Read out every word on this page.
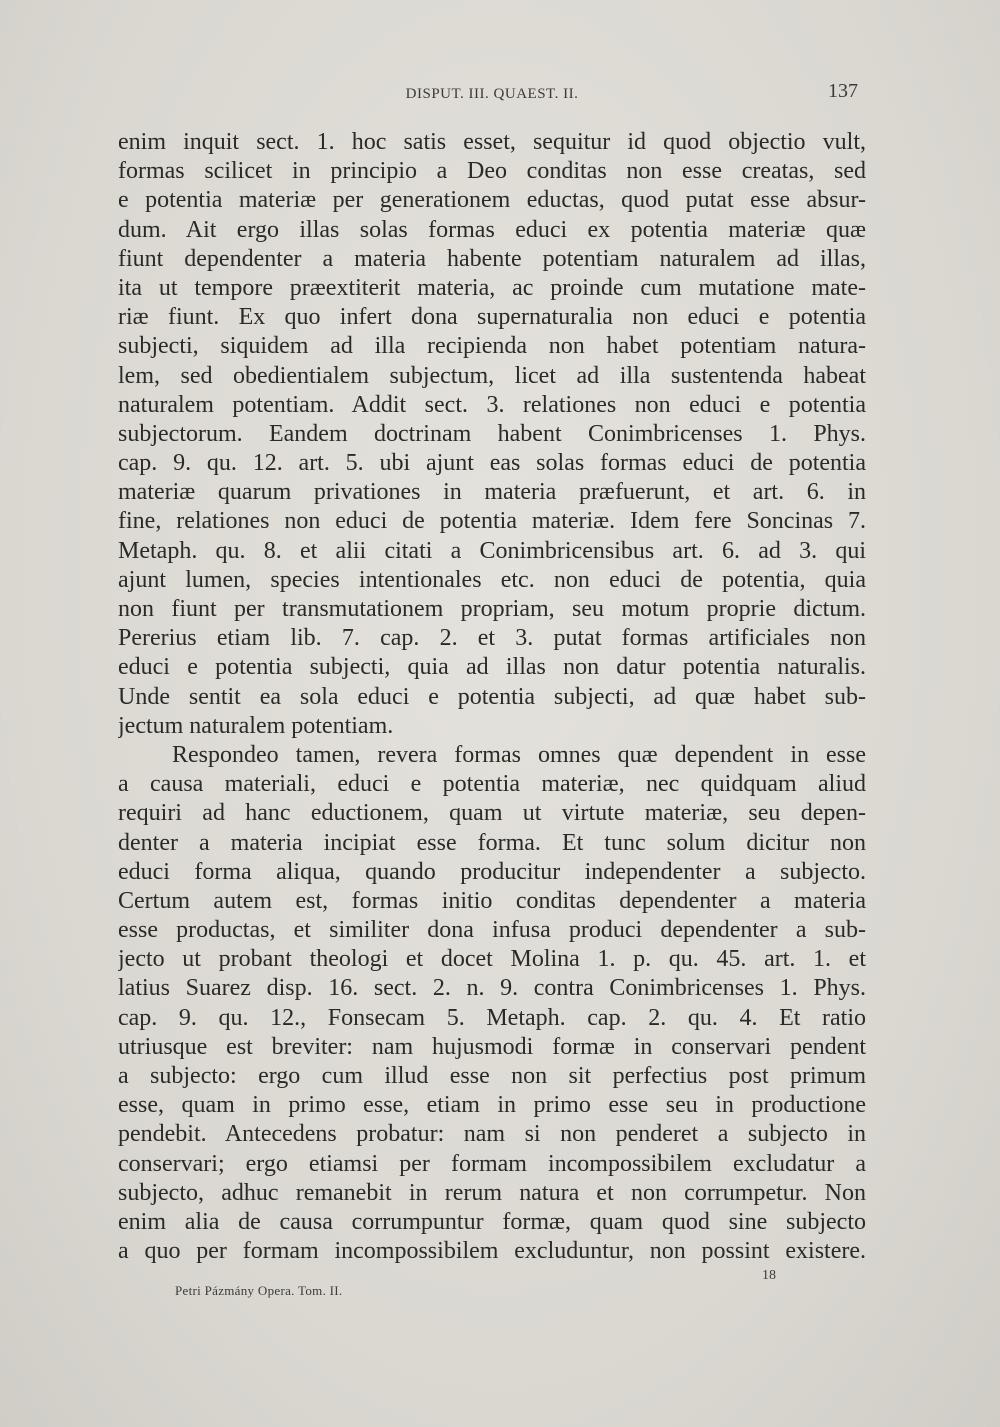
DISPUT. III. QUAEST. II.	137
enim inquit sect. 1. hoc satis esset, sequitur id quod objectio vult,
formas scilicet in principio a Deo conditas non esse creatas, sed
e potentia materiæ per generationem eductas, quod putat esse absur-
dum. Ait ergo illas solas formas educi ex potentia materiæ quæ
fiunt dependenter a materia habente potentiam naturalem ad illas,
ita ut tempore præextiterit materia, ac proinde cum mutatione mate-
riæ fiunt. Ex quo infert dona supernaturalia non educi e potentia
subjecti, siquidem ad illa recipienda non habet potentiam natura-
lem, sed obedientialem subjectum, licet ad illa sustentenda habeat
naturalem potentiam. Addit sect. 3. relationes non educi e potentia
subjectorum. Eandem doctrinam habent Conimbricenses 1. Phys.
cap. 9. qu. 12. art. 5. ubi ajunt eas solas formas educi de potentia
materiæ quarum privationes in materia præfuerunt, et art. 6. in
fine, relationes non educi de potentia materiæ. Idem fere Soncinas 7.
Metaph. qu. 8. et alii citati a Conimbricensibus art. 6. ad 3. qui
ajunt lumen, species intentionales etc. non educi de potentia, quia
non fiunt per transmutationem propriam, seu motum proprie dictum.
Pererius etiam lib. 7. cap. 2. et 3. putat formas artificiales non
educi e potentia subjecti, quia ad illas non datur potentia naturalis.
Unde sentit ea sola educi e potentia subjecti, ad quæ habet sub-
jectum naturalem potentiam.
Respondeo tamen, revera formas omnes quæ dependent in esse
a causa materiali, educi e potentia materiæ, nec quidquam aliud
requiri ad hanc eductionem, quam ut virtute materiæ, seu depen-
denter a materia incipiat esse forma. Et tunc solum dicitur non
educi forma aliqua, quando producitur independenter a subjecto.
Certum autem est, formas initio conditas dependenter a materia
esse productas, et similiter dona infusa produci dependenter a sub-
jecto ut probant theologi et docet Molina 1. p. qu. 45. art. 1. et
latius Suarez disp. 16. sect. 2. n. 9. contra Conimbricenses 1. Phys.
cap. 9. qu. 12., Fonsecam 5. Metaph. cap. 2. qu. 4. Et ratio
utriusque est breviter: nam hujusmodi formæ in conservari pendent
a subjecto: ergo cum illud esse non sit perfectius post primum
esse, quam in primo esse, etiam in primo esse seu in productione
pendebit. Antecedens probatur: nam si non penderet a subjecto in
conservari; ergo etiamsi per formam incompossibilem excludatur a
subjecto, adhuc remanebit in rerum natura et non corrumpetur. Non
enim alia de causa corrumpuntur formæ, quam quod sine subjecto
a quo per formam incompossibilem excluduntur, non possint existere.
18
Petri Pázmány Opera. Tom. II.
